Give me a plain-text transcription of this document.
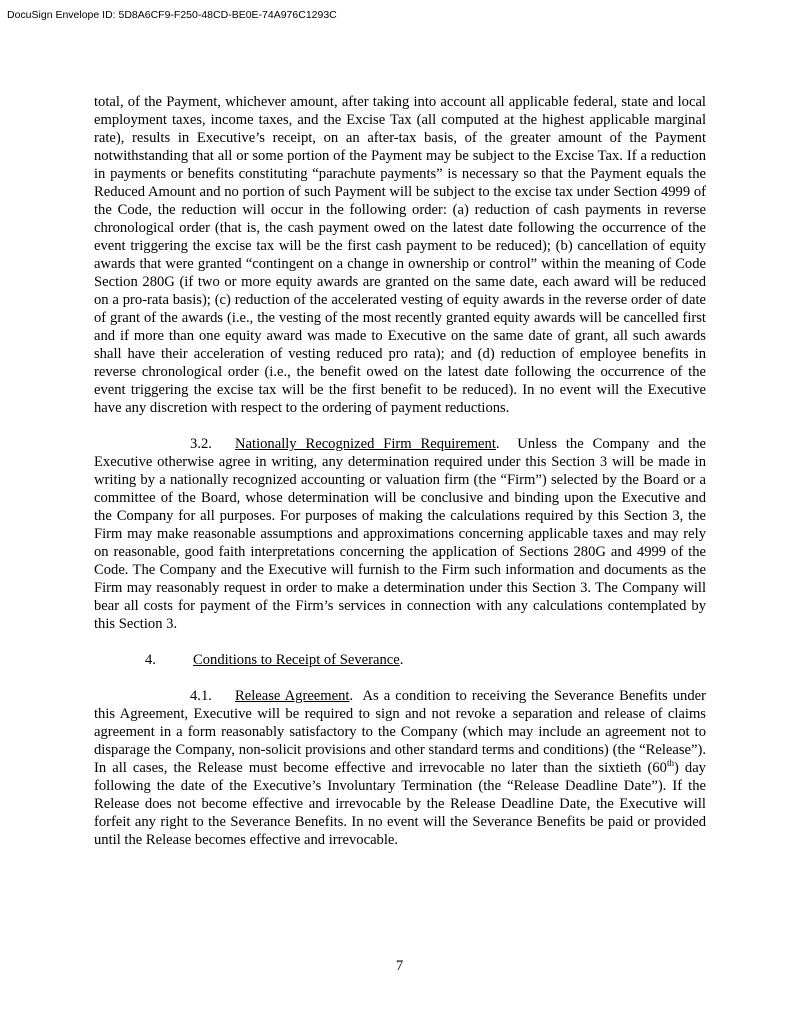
DocuSign Envelope ID: 5D8A6CF9-F250-48CD-BE0E-74A976C1293C

total, of the Payment, whichever amount, after taking into account all applicable federal, state and local employment taxes, income taxes, and the Excise Tax (all computed at the highest applicable marginal rate), results in Executive’s receipt, on an after-tax basis, of the greater amount of the Payment notwithstanding that all or some portion of the Payment may be subject to the Excise Tax. If a reduction in payments or benefits constituting “parachute payments” is necessary so that the Payment equals the Reduced Amount and no portion of such Payment will be subject to the excise tax under Section 4999 of the Code, the reduction will occur in the following order: (a) reduction of cash payments in reverse chronological order (that is, the cash payment owed on the latest date following the occurrence of the event triggering the excise tax will be the first cash payment to be reduced); (b) cancellation of equity awards that were granted “contingent on a change in ownership or control” within the meaning of Code Section 280G (if two or more equity awards are granted on the same date, each award will be reduced on a pro-rata basis); (c) reduction of the accelerated vesting of equity awards in the reverse order of date of grant of the awards (i.e., the vesting of the most recently granted equity awards will be cancelled first and if more than one equity award was made to Executive on the same date of grant, all such awards shall have their acceleration of vesting reduced pro rata); and (d) reduction of employee benefits in reverse chronological order (i.e., the benefit owed on the latest date following the occurrence of the event triggering the excise tax will be the first benefit to be reduced). In no event will the Executive have any discretion with respect to the ordering of payment reductions.

3.2. Nationally Recognized Firm Requirement. Unless the Company and the Executive otherwise agree in writing, any determination required under this Section 3 will be made in writing by a nationally recognized accounting or valuation firm (the “Firm”) selected by the Board or a committee of the Board, whose determination will be conclusive and binding upon the Executive and the Company for all purposes. For purposes of making the calculations required by this Section 3, the Firm may make reasonable assumptions and approximations concerning applicable taxes and may rely on reasonable, good faith interpretations concerning the application of Sections 280G and 4999 of the Code. The Company and the Executive will furnish to the Firm such information and documents as the Firm may reasonably request in order to make a determination under this Section 3. The Company will bear all costs for payment of the Firm’s services in connection with any calculations contemplated by this Section 3.

4.	Conditions to Receipt of Severance.

4.1. Release Agreement. As a condition to receiving the Severance Benefits under this Agreement, Executive will be required to sign and not revoke a separation and release of claims agreement in a form reasonably satisfactory to the Company (which may include an agreement not to disparage the Company, non-solicit provisions and other standard terms and conditions) (the “Release”). In all cases, the Release must become effective and irrevocable no later than the sixtieth (60th) day following the date of the Executive’s Involuntary Termination (the “Release Deadline Date”). If the Release does not become effective and irrevocable by the Release Deadline Date, the Executive will forfeit any right to the Severance Benefits. In no event will the Severance Benefits be paid or provided until the Release becomes effective and irrevocable.

7
